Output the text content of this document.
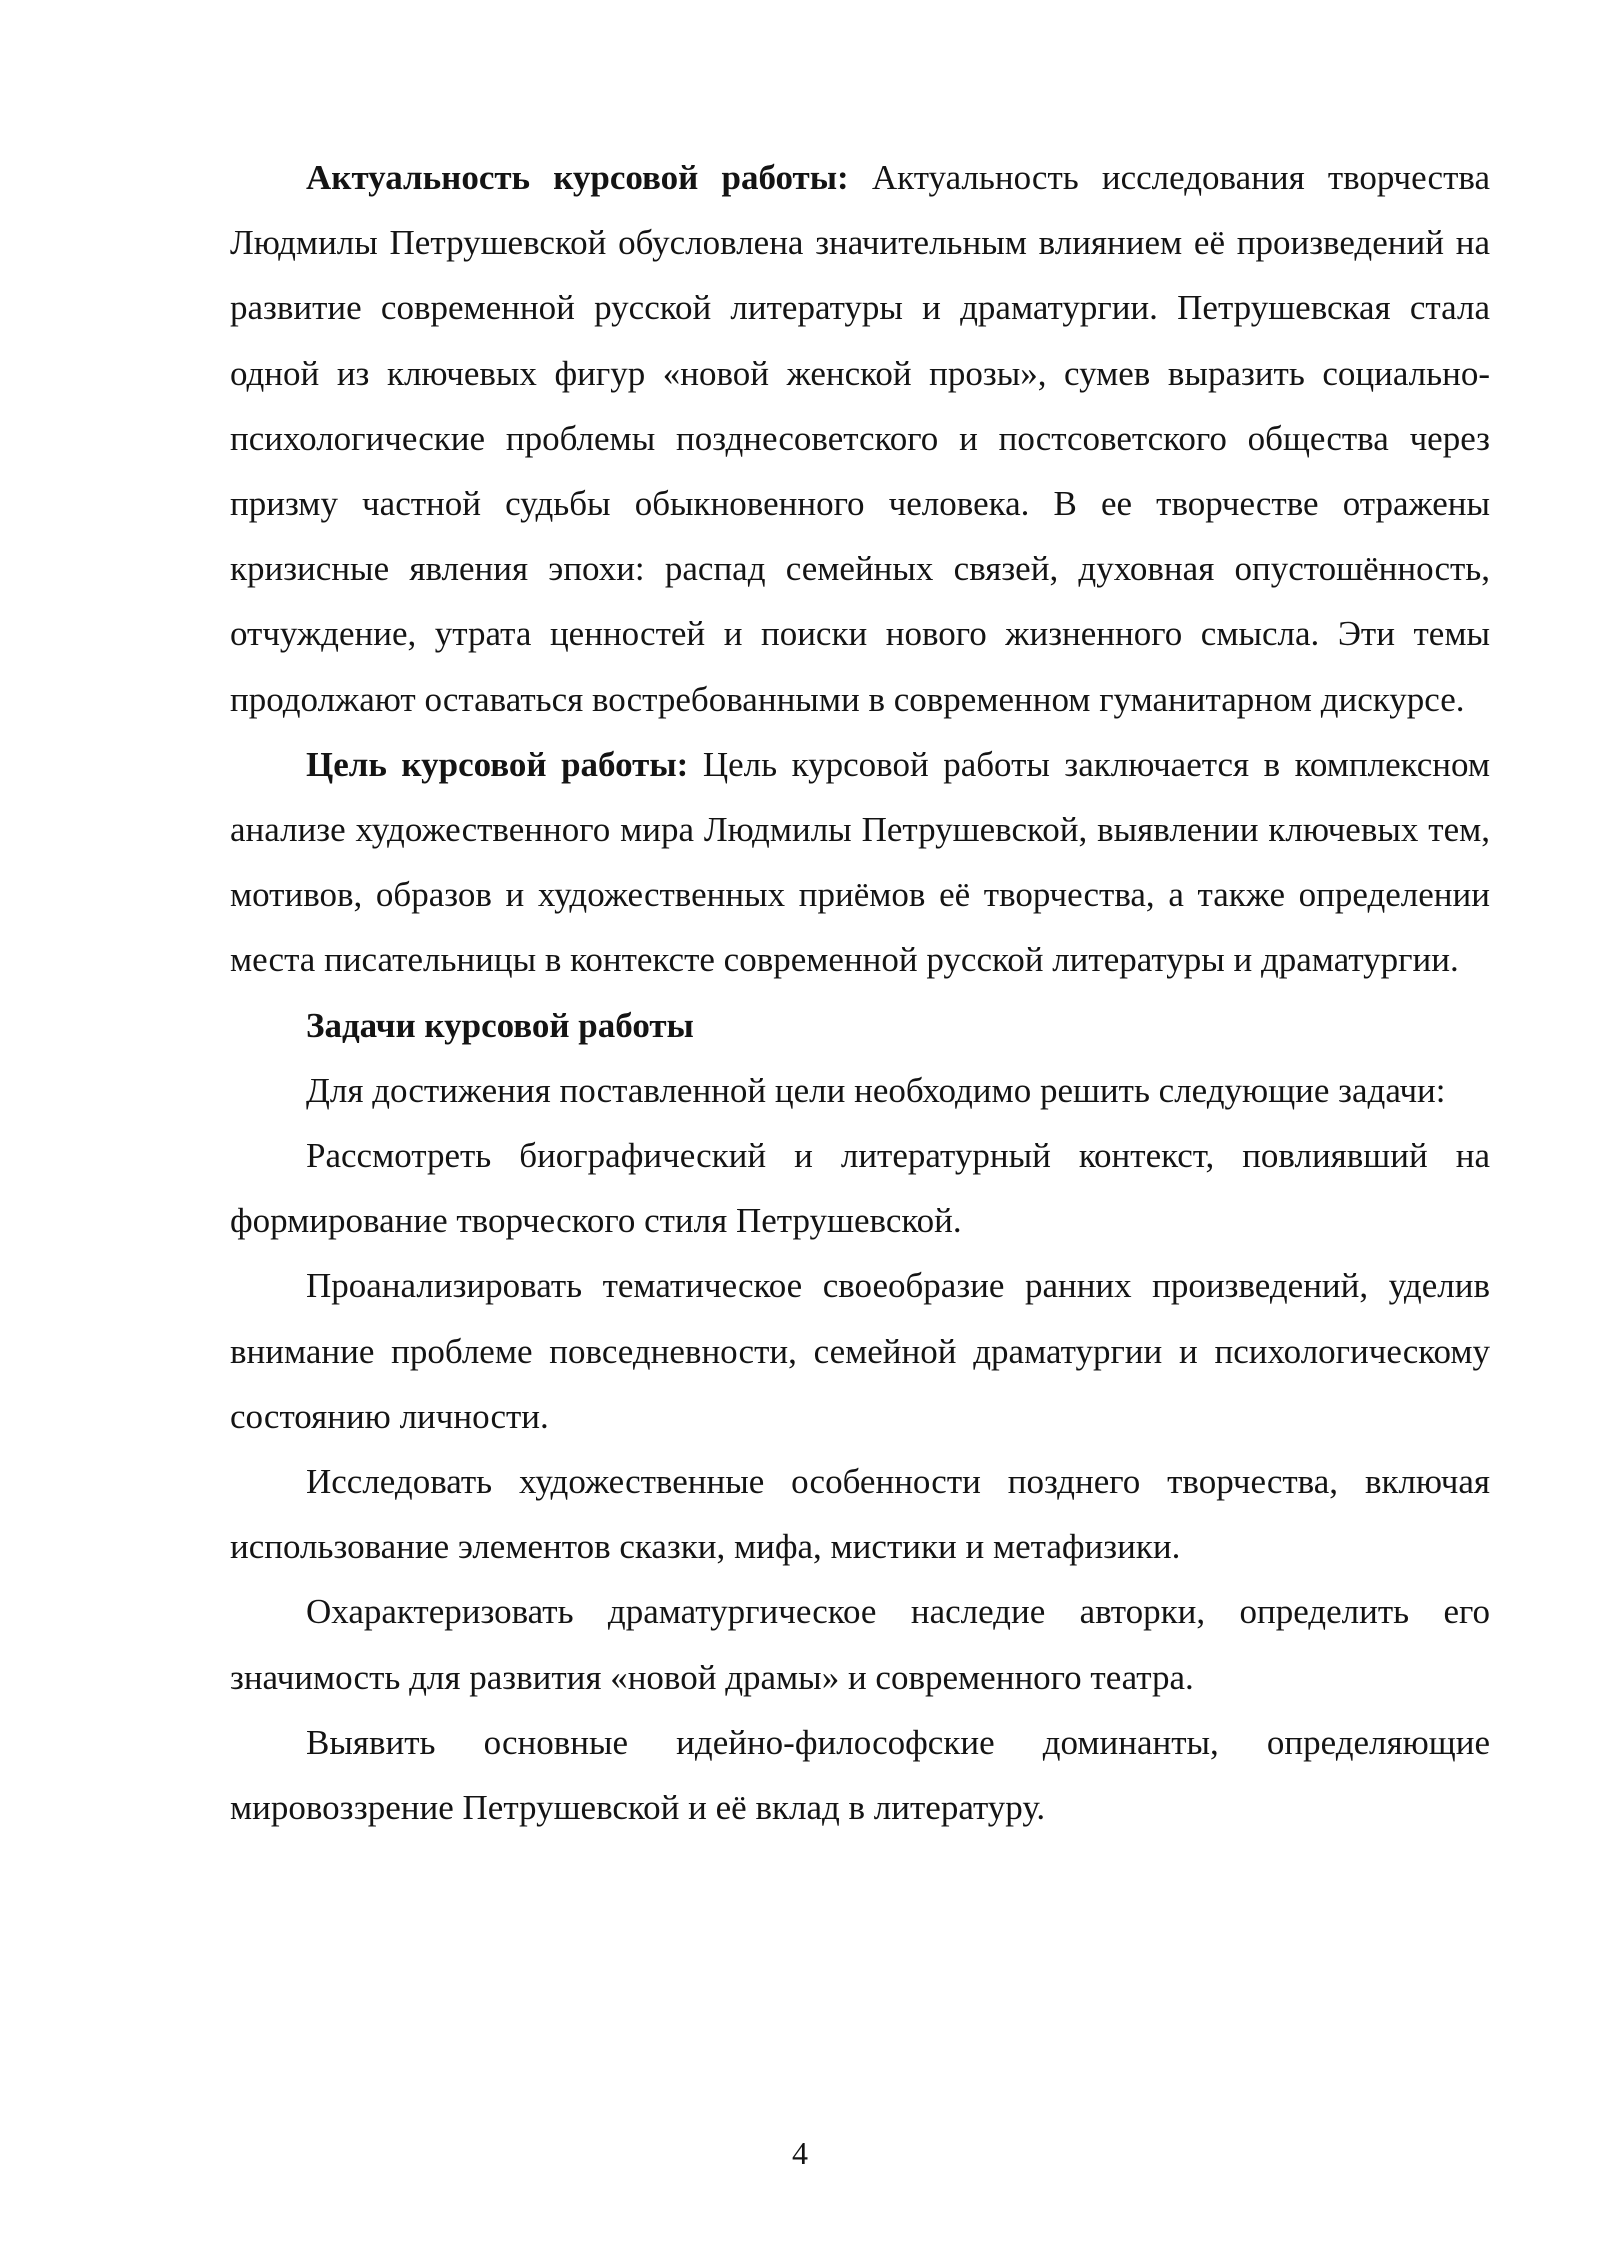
Актуальность курсовой работы: Актуальность исследования творчества Людмилы Петрушевской обусловлена значительным влиянием её произведений на развитие современной русской литературы и драматургии. Петрушевская стала одной из ключевых фигур «новой женской прозы», сумев выразить социально-психологические проблемы позднесоветского и постсоветского общества через призму частной судьбы обыкновенного человека. В ее творчестве отражены кризисные явления эпохи: распад семейных связей, духовная опустошённость, отчуждение, утрата ценностей и поиски нового жизненного смысла. Эти темы продолжают оставаться востребованными в современном гуманитарном дискурсе.

Цель курсовой работы: Цель курсовой работы заключается в комплексном анализе художественного мира Людмилы Петрушевской, выявлении ключевых тем, мотивов, образов и художественных приёмов её творчества, а также определении места писательницы в контексте современной русской литературы и драматургии.

Задачи курсовой работы

Для достижения поставленной цели необходимо решить следующие задачи:

Рассмотреть биографический и литературный контекст, повлиявший на формирование творческого стиля Петрушевской.

Проанализировать тематическое своеобразие ранних произведений, уделив внимание проблеме повседневности, семейной драматургии и психологическому состоянию личности.

Исследовать художественные особенности позднего творчества, включая использование элементов сказки, мифа, мистики и метафизики.

Охарактеризовать драматургическое наследие авторки, определить его значимость для развития «новой драмы» и современного театра.

Выявить основные идейно-философские доминанты, определяющие мировоззрение Петрушевской и её вклад в литературу.

4
